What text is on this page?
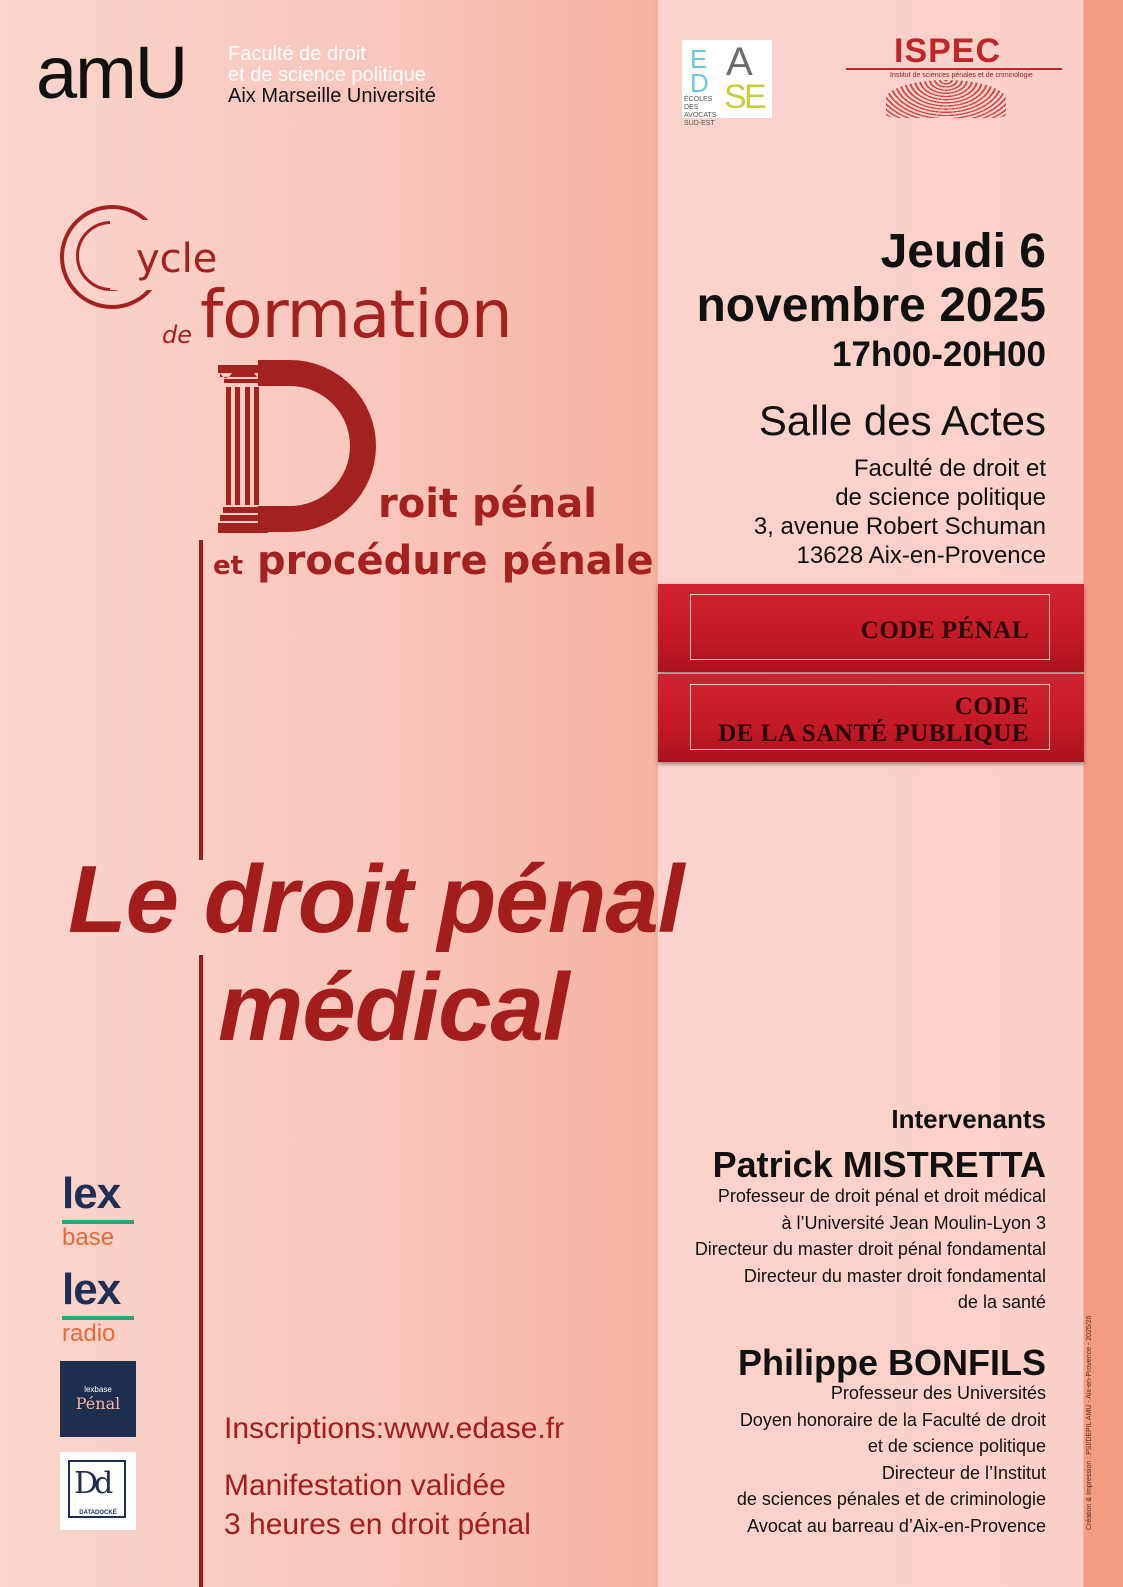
amU Faculté de droit
et de science politique
Aix Marseille Université
E
D A
S
E
ÉCOLES DES AVOCATS SUD-EST
ISPEC
Institut de sciences pénales et de criminologie
ycle
de formation
roit pénal
et procédure pénale
Jeudi 6
novembre 2025
17h00-20H00
Salle des Actes
Faculté de droit et
de science politique
3, avenue Robert Schuman
13628 Aix-en-Provence
CODE PÉNAL
CODE
DE LA SANTÉ PUBLIQUE
Le droit pénal
médical
Intervenants
Patrick MISTRETTA
Professeur de droit pénal et droit médical
à l’Université Jean Moulin-Lyon 3
Directeur du master droit pénal fondamental
Directeur du master droit fondamental
de la santé
Philippe BONFILS
Professeur des Universités
Doyen honoraire de la Faculté de droit
et de science politique
Directeur de l’Institut
de sciences pénales et de criminologie
Avocat au barreau d’Aix-en-Provence
Inscriptions:www.edase.fr
Manifestation validée
3 heures en droit pénal
lex
base
lex
radio
lexbase
Pénal
Dd
DATADOCKÉ	Création & Impression : PSI/DEPIL AMU - Aix-en-Provence - 2025/26
